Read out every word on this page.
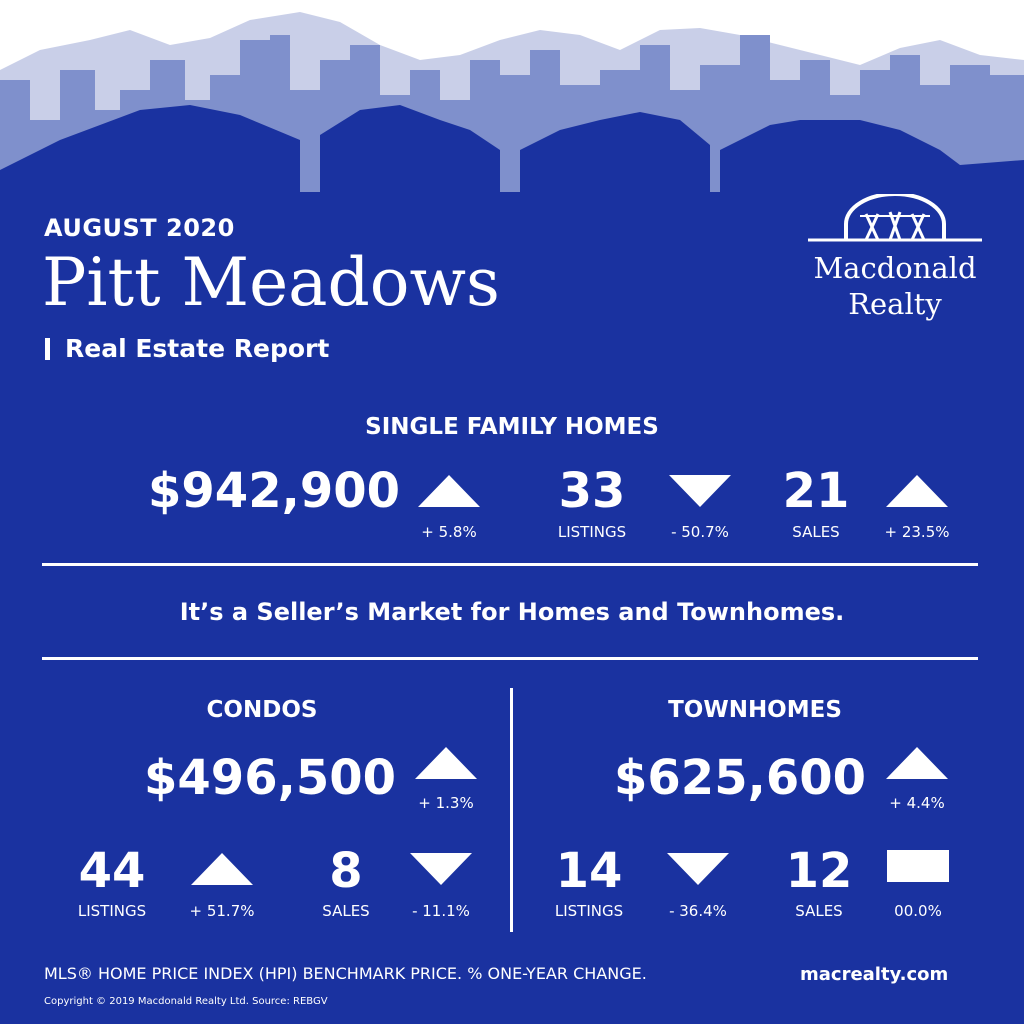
AUGUST 2020
Pitt Meadows
Real Estate Report
Macdonald
Realty
SINGLE FAMILY HOMES
$942,900
+ 5.8%
33
LISTINGS	- 50.7%
21
SALES	+ 23.5%
It’s a Seller’s Market for Homes and Townhomes.
CONDOS
$496,500	+ 1.3%
44
LISTINGS	+ 51.7%
8
SALES	- 11.1%
TOWNHOMES
$625,600	+ 4.4%
14
LISTINGS	- 36.4%
12
SALES	00.0%
MLS® HOME PRICE INDEX (HPI) BENCHMARK PRICE. % ONE-YEAR CHANGE.
Copyright © 2019 Macdonald Realty Ltd. Source: REBGV
macrealty.com
